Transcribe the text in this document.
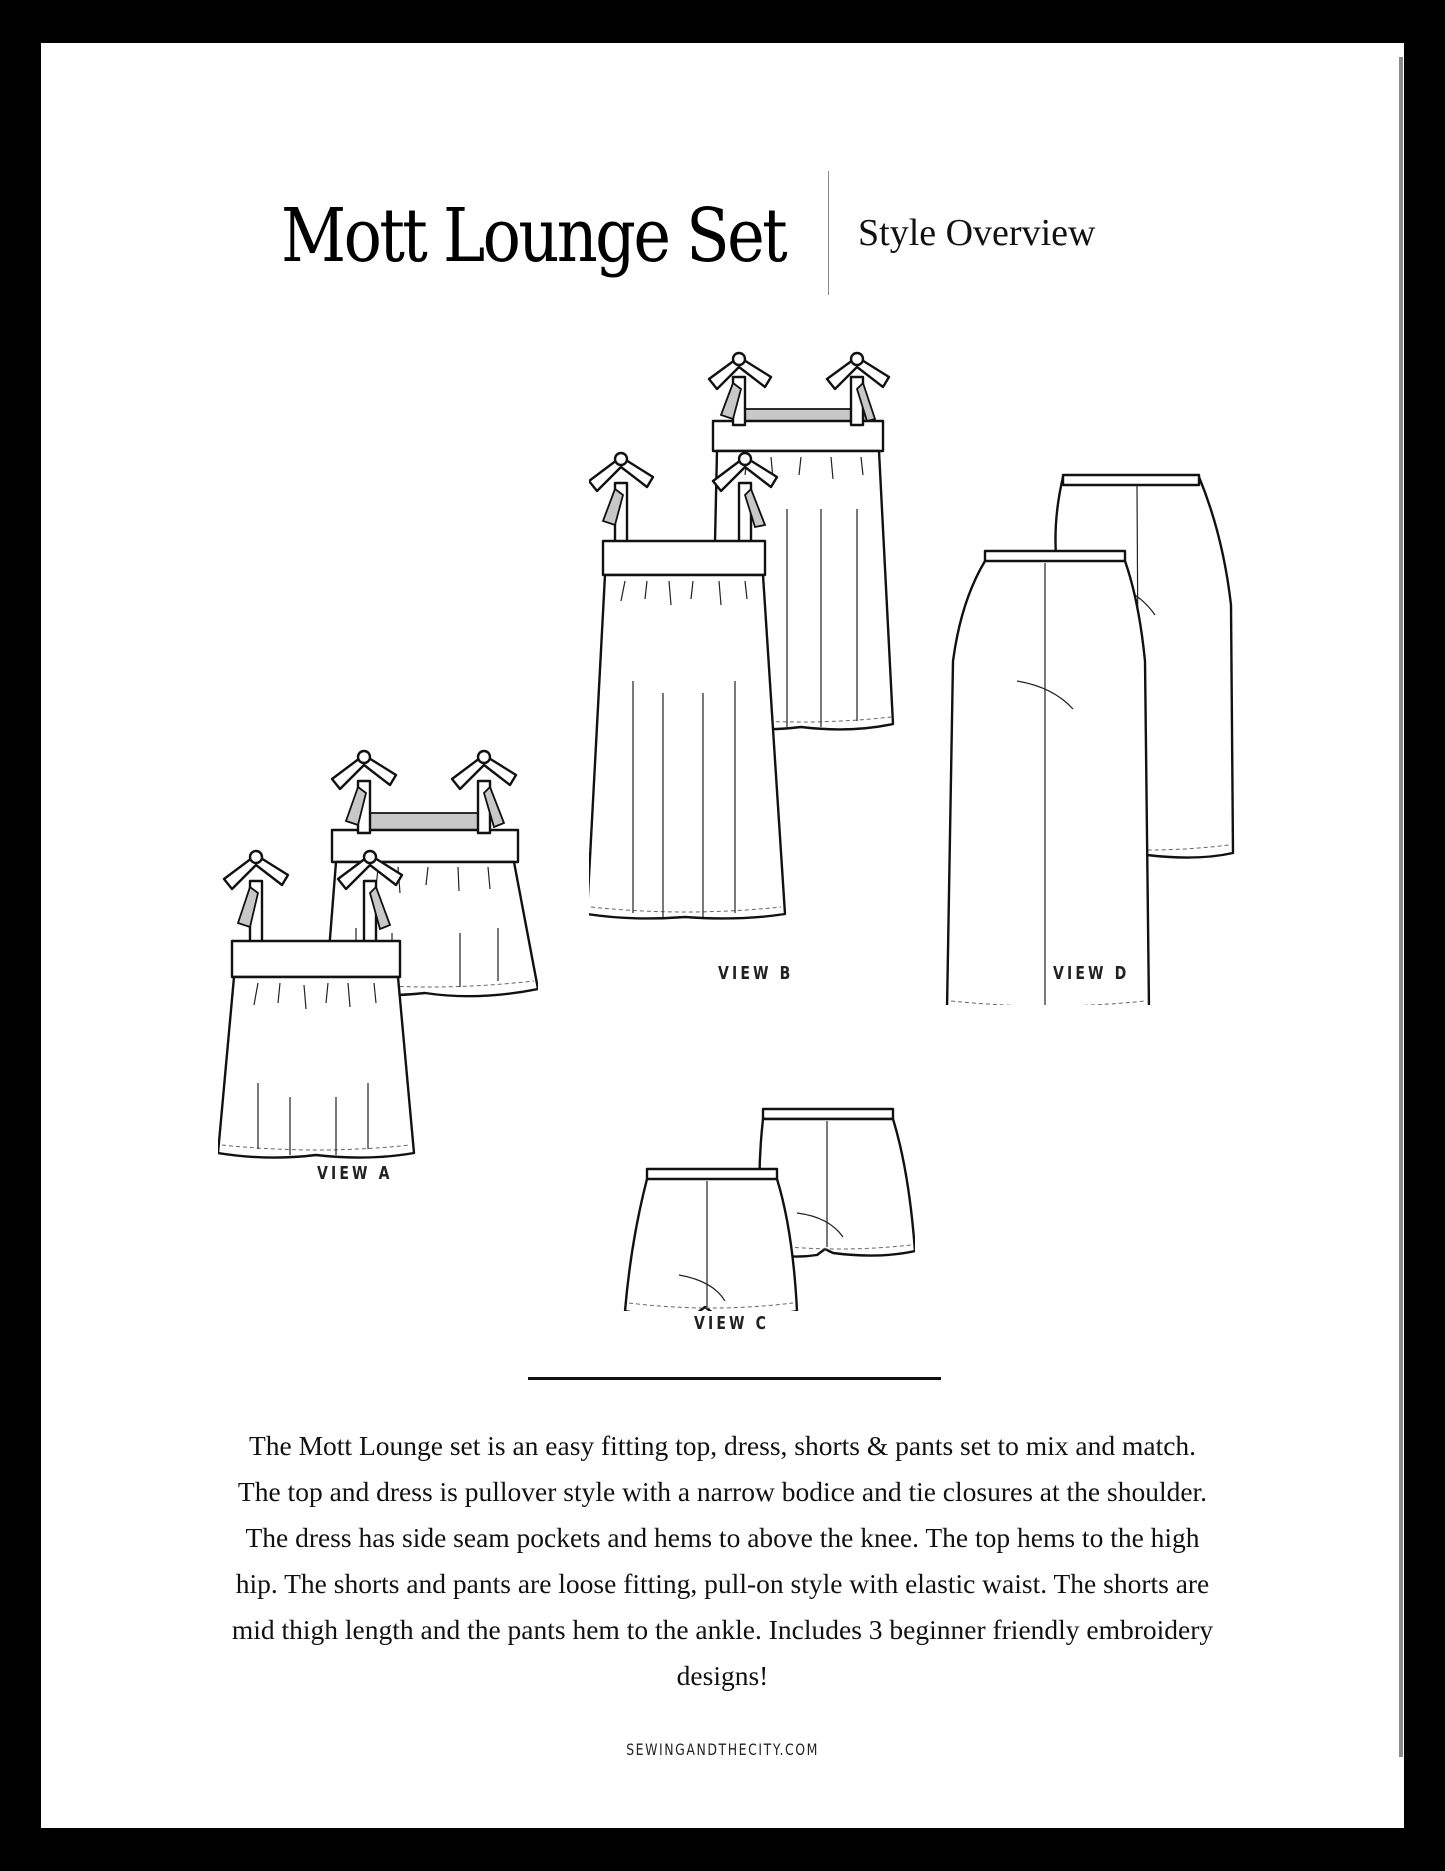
Mott Lounge Set Style Overview
VIEW A
VIEW B	VIEW D
VIEW C
The Mott Lounge set is an easy fitting top, dress, shorts & pants set to mix and match.
The top and dress is pullover style with a narrow bodice and tie closures at the shoulder.
The dress has side seam pockets and hems to above the knee. The top hems to the high
hip. The shorts and pants are loose fitting, pull-on style with elastic waist. The shorts are
mid thigh length and the pants hem to the ankle. Includes 3 beginner friendly embroidery
designs!
SEWINGANDTHECITY.COM
